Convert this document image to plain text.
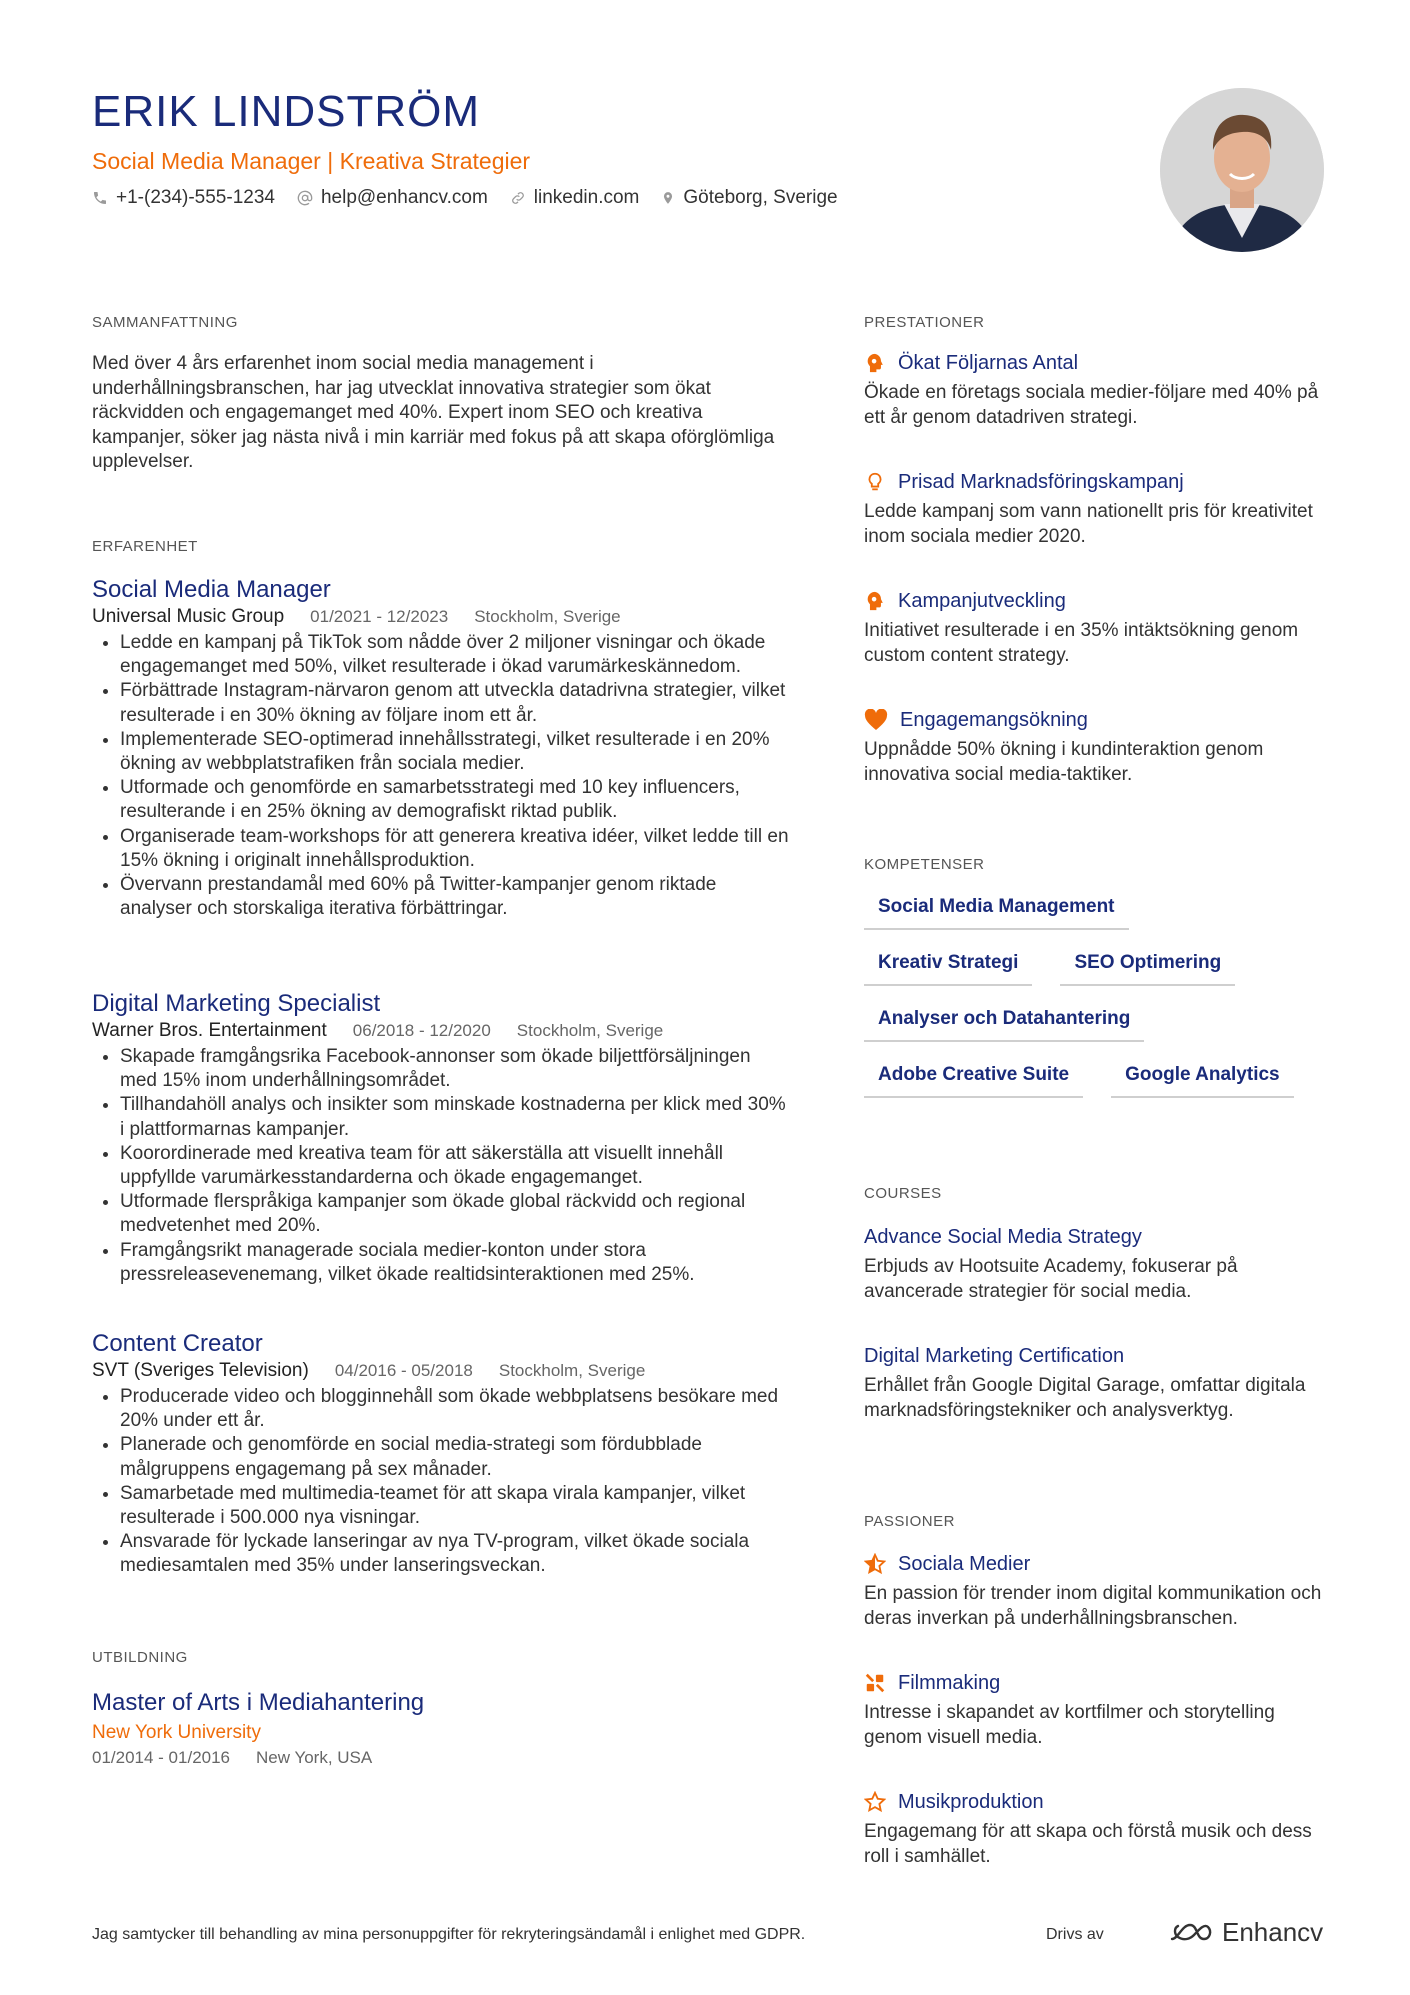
ERIK LINDSTRÖM
Social Media Manager | Kreativa Strategier
+1-(234)-555-1234 help@enhancv.com linkedin.com Göteborg, Sverige
SAMMANFATTNING
Med över 4 års erfarenhet inom social media management i underhållningsbranschen, har jag utvecklat innovativa strategier som ökat räckvidden och engagemanget med 40%. Expert inom SEO och kreativa kampanjer, söker jag nästa nivå i min karriär med fokus på att skapa oförglömliga upplevelser.
ERFARENHET
Social Media Manager
Universal Music Group 01/2021 - 12/2023 Stockholm, Sverige
• Ledde en kampanj på TikTok som nådde över 2 miljoner visningar och ökade engagemanget med 50%, vilket resulterade i ökad varumärkeskännedom.
• Förbättrade Instagram-närvaron genom att utveckla datadrivna strategier, vilket resulterade i en 30% ökning av följare inom ett år.
• Implementerade SEO-optimerad innehållsstrategi, vilket resulterade i en 20% ökning av webbplatstrafiken från sociala medier.
• Utformade och genomförde en samarbetsstrategi med 10 key influencers, resulterande i en 25% ökning av demografiskt riktad publik.
• Organiserade team-workshops för att generera kreativa idéer, vilket ledde till en 15% ökning i originalt innehållsproduktion.
• Övervann prestandamål med 60% på Twitter-kampanjer genom riktade analyser och storskaliga iterativa förbättringar.
Digital Marketing Specialist
Warner Bros. Entertainment 06/2018 - 12/2020 Stockholm, Sverige
• Skapade framgångsrika Facebook-annonser som ökade biljettförsäljningen med 15% inom underhållningsområdet.
• Tillhandahöll analys och insikter som minskade kostnaderna per klick med 30% i plattformarnas kampanjer.
• Koorordinerade med kreativa team för att säkerställa att visuellt innehåll uppfyllde varumärkesstandarderna och ökade engagemanget.
• Utformade flerspråkiga kampanjer som ökade global räckvidd och regional medvetenhet med 20%.
• Framgångsrikt managerade sociala medier-konton under stora pressreleasevenemang, vilket ökade realtidsinteraktionen med 25%.
Content Creator
SVT (Sveriges Television) 04/2016 - 05/2018 Stockholm, Sverige
• Producerade video och blogginnehåll som ökade webbplatsens besökare med 20% under ett år.
• Planerade och genomförde en social media-strategi som fördubblade målgruppens engagemang på sex månader.
• Samarbetade med multimedia-teamet för att skapa virala kampanjer, vilket resulterade i 500.000 nya visningar.
• Ansvarade för lyckade lanseringar av nya TV-program, vilket ökade sociala mediesamtalen med 35% under lanseringsveckan.
UTBILDNING
Master of Arts i Mediahantering
New York University
01/2014 - 01/2016 New York, USA
PRESTATIONER
Ökat Följarnas Antal
Ökade en företags sociala medier-följare med 40% på ett år genom datadriven strategi.
Prisad Marknadsföringskampanj
Ledde kampanj som vann nationellt pris för kreativitet inom sociala medier 2020.
Kampanjutveckling
Initiativet resulterade i en 35% intäktsökning genom custom content strategy.
Engagemangsökning
Uppnådde 50% ökning i kundinteraktion genom innovativa social media-taktiker.
KOMPETENSER
Social Media Management
Kreativ Strategi	SEO Optimering
Analyser och Datahantering
Adobe Creative Suite	Google Analytics
COURSES
Advance Social Media Strategy
Erbjuds av Hootsuite Academy, fokuserar på avancerade strategier för social media.
Digital Marketing Certification
Erhållet från Google Digital Garage, omfattar digitala marknadsföringstekniker och analysverktyg.
PASSIONER
Sociala Medier
En passion för trender inom digital kommunikation och deras inverkan på underhållningsbranschen.
Filmmaking
Intresse i skapandet av kortfilmer och storytelling genom visuell media.
Musikproduktion
Engagemang för att skapa och förstå musik och dess roll i samhället.
Jag samtycker till behandling av mina personuppgifter för rekryteringsändamål i enlighet med GDPR.	Drivs av	Enhancv
